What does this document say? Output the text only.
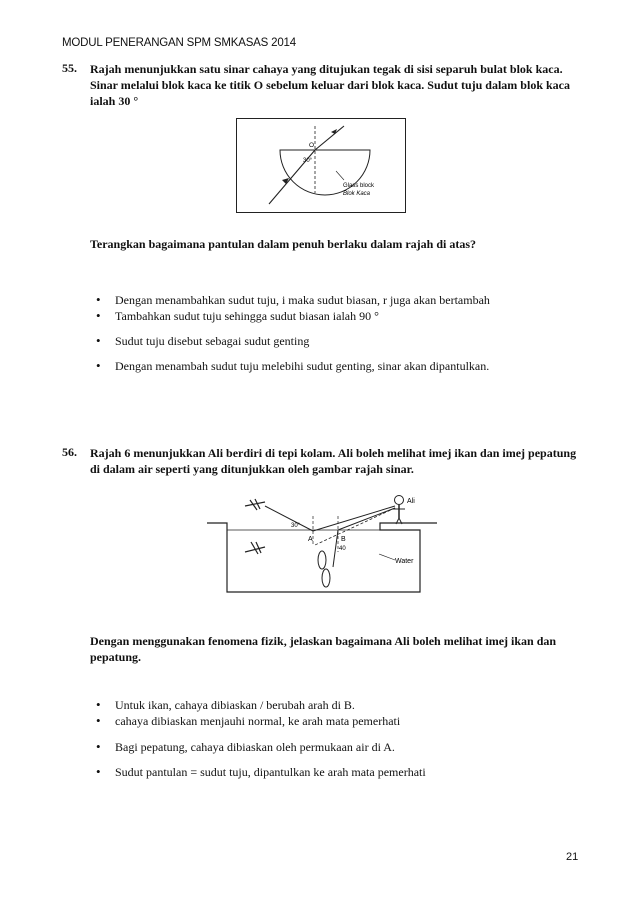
MODUL PENERANGAN SPM SMKASAS 2014
55. Rajah menunjukkan satu sinar cahaya yang ditujukan tegak di sisi separuh bulat blok kaca. Sinar melalui blok kaca ke titik O sebelum keluar dari blok kaca. Sudut tuju dalam blok kaca ialah 30 °
O
30°
Glass block
Blok Kaca
Terangkan bagaimana pantulan dalam penuh berlaku dalam rajah di atas?
• Dengan menambahkan sudut tuju, i maka sudut biasan, r juga akan bertambah
• Tambahkan sudut tuju sehingga sudut biasan ialah 90 °
• Sudut tuju disebut sebagai sudut genting
• Dengan menambah sudut tuju melebihi sudut genting, sinar akan dipantulkan.
56. Rajah 6 menunjukkan Ali berdiri di tepi kolam. Ali boleh melihat imej ikan dan imej pepatung di dalam air seperti yang ditunjukkan oleh gambar rajah sinar.
Water
Ali
30°
A	B
40
Dengan menggunakan fenomena fizik, jelaskan bagaimana Ali boleh melihat imej ikan dan pepatung.
• Untuk ikan, cahaya dibiaskan / berubah arah di B.
• cahaya dibiaskan menjauhi normal, ke arah mata pemerhati
• Bagi pepatung, cahaya dibiaskan oleh permukaan air di A.
• Sudut pantulan = sudut tuju, dipantulkan ke arah mata pemerhati
21
